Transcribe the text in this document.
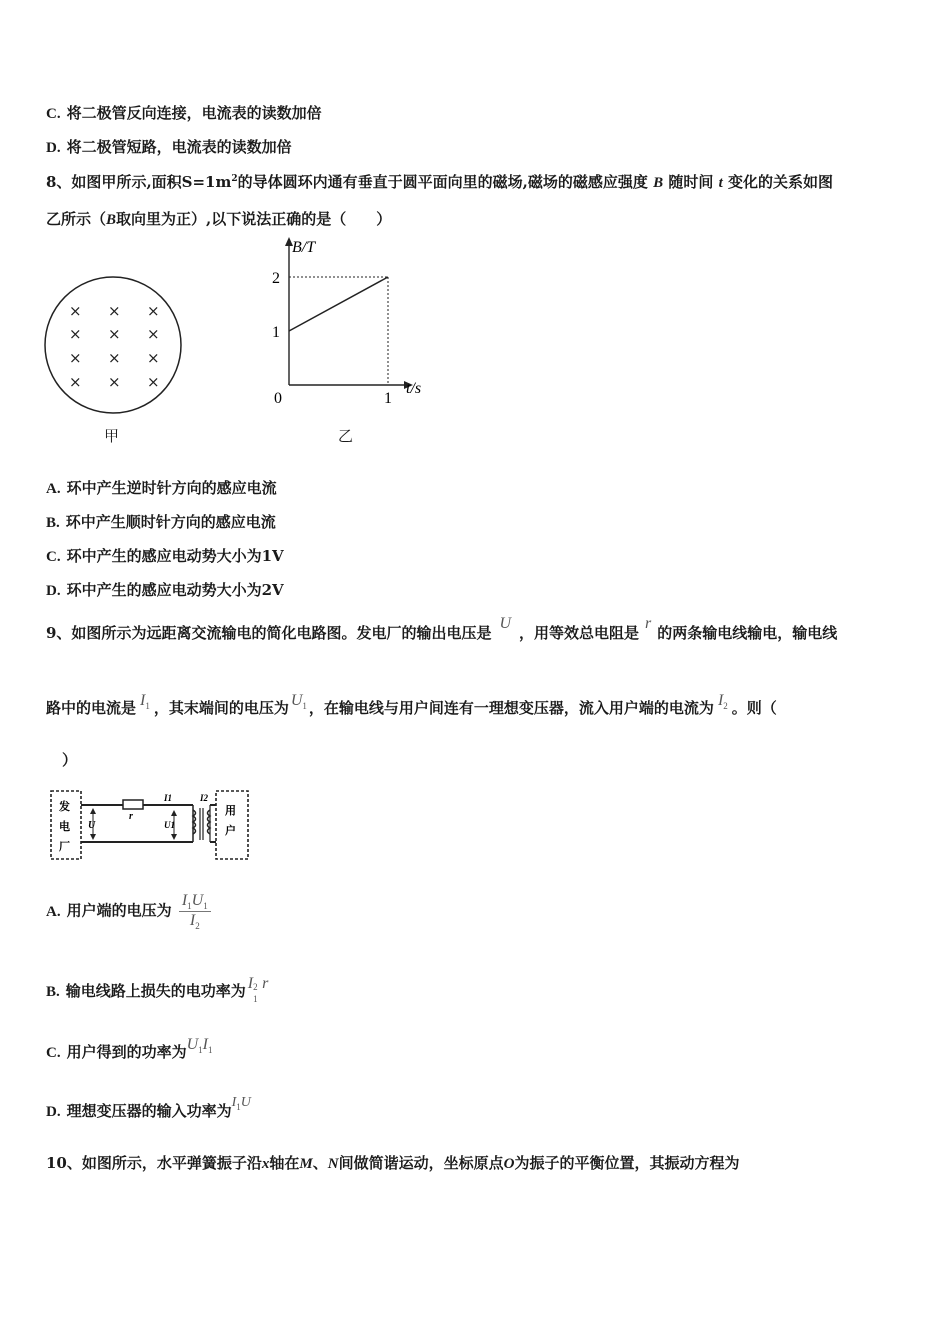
C. 将二极管反向连接，电流表的读数加倍
D. 将二极管短路，电流表的读数加倍
8、如图甲所示,面积$S=1m^2$的导体圆环内通有垂直于圆平面向里的磁场,磁场的磁感应强度 B 随时间 t 变化的关系如图
乙所示（B取向里为正）,以下说法正确的是（　　）
× × ×
× × ×
× × ×
× × ×
甲
1
2
1
B/T
t/s
0
乙
A. 环中产生逆时针方向的感应电流
B. 环中产生顺时针方向的感应电流
C. 环中产生的感应电动势大小为1V
D. 环中产生的感应电动势大小为2V
9、如图所示为远距离交流输电的简化电路图。发电厂的输出电压是U，用等效总电阻是r的两条输电线输电，输电线
路中的电流是 $I_1$ ，其末端间的电压为 $U_1$ ，在输电线与用户间连有一理想变压器，流入用户端的电流为 $I_2$ 。则（
）
发电厂
用户
U
r
I1
U1
I2
A. 用户端的电压为 $\frac{I_1U_1}{I_2}$
B. 输电线路上损失的电功率为 I 2
1
r
C. 用户得到的功率为$U_1I_1$
D. 理想变压器的输入功率为$I_1U$
10、如图所示，水平弹簧振子沿x轴在M、N间做简谐运动，坐标原点O为振子的平衡位置，其振动方程为
